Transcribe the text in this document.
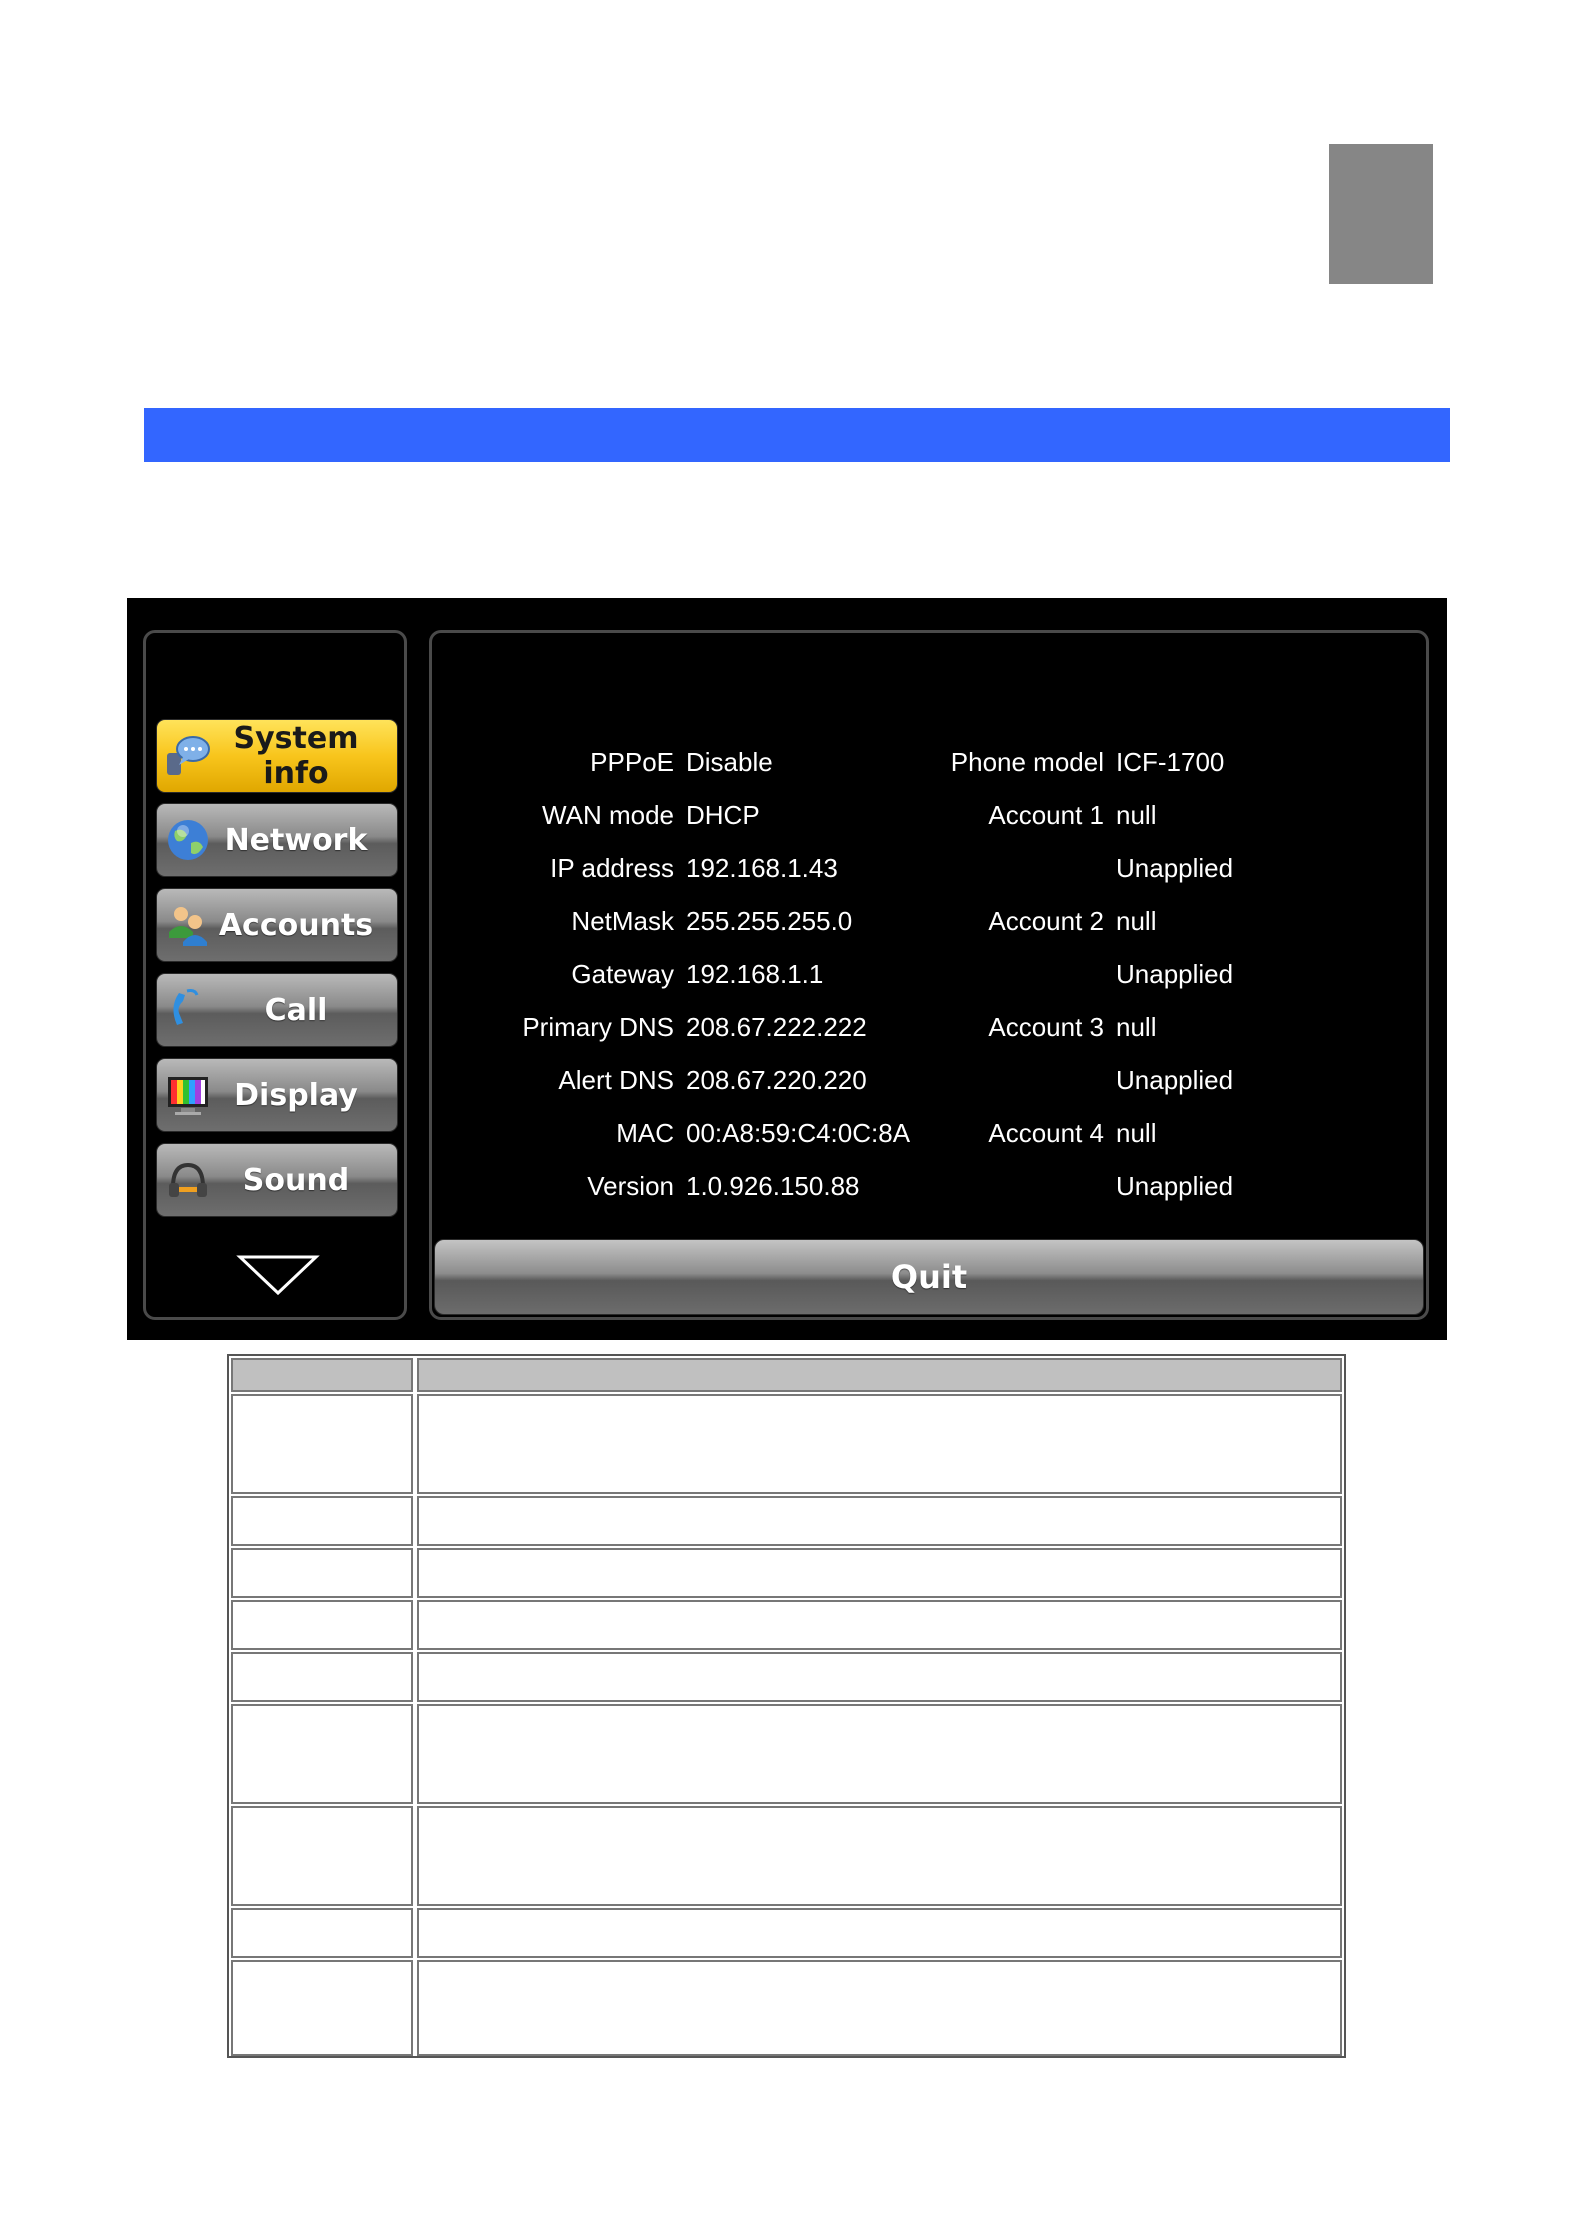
System info
Network
Accounts
Call
Display
Sound
PPPoE Disable
WAN mode DHCP
IP address 192.168.1.43
NetMask 255.255.255.0
Gateway 192.168.1.1
Primary DNS 208.67.222.222
Alert DNS 208.67.220.220
MAC 00:A8:59:C4:0C:8A
Version 1.0.926.150.88
Phone model ICF-1700
Account 1 null
Unapplied
Account 2 null
Unapplied
Account 3 null
Unapplied
Account 4 null
Unapplied
Quit
